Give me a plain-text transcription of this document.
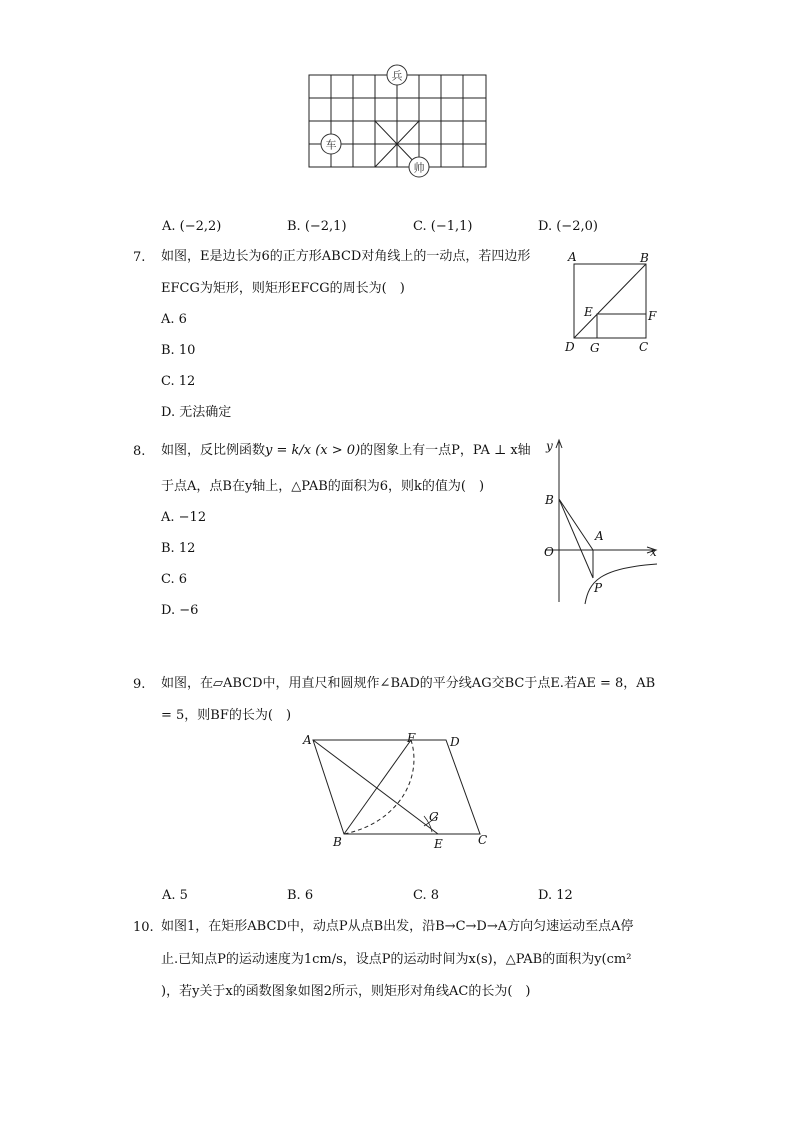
兵
车
帅
A. (−2,2)	B. (−2,1)	C. (−1,1)	D. (−2,0)
7. 如图，E是边长为6的正方形ABCD对角线上的一动点，若四边形
EFCG为矩形，则矩形EFCG的周长为(　)
A. 6
B. 10
C. 12
D. 无法确定
A	B
E	F
D G	C
8. 如图，反比例函数y = k/x (x > 0)的图象上有一点P，PA ⊥ x轴
于点A，点B在y轴上，△PAB的面积为6，则k的值为(　)
A. −12
B. 12
C. 6
D. −6
y
B
A
O	x
P
9. 如图，在▱ABCD中，用直尺和圆规作∠BAD的平分线AG交BC于点E.若AE = 8，AB
= 5，则BF的长为(　)
A	F	D
G
B	E	C
A. 5	B. 6	C. 8	D. 12
10. 如图1，在矩形ABCD中，动点P从点B出发，沿B→C→D→A方向匀速运动至点A停
止.已知点P的运动速度为1cm/s，设点P的运动时间为x(s)，△PAB的面积为y(cm²
)，若y关于x的函数图象如图2所示，则矩形对角线AC的长为(　)
